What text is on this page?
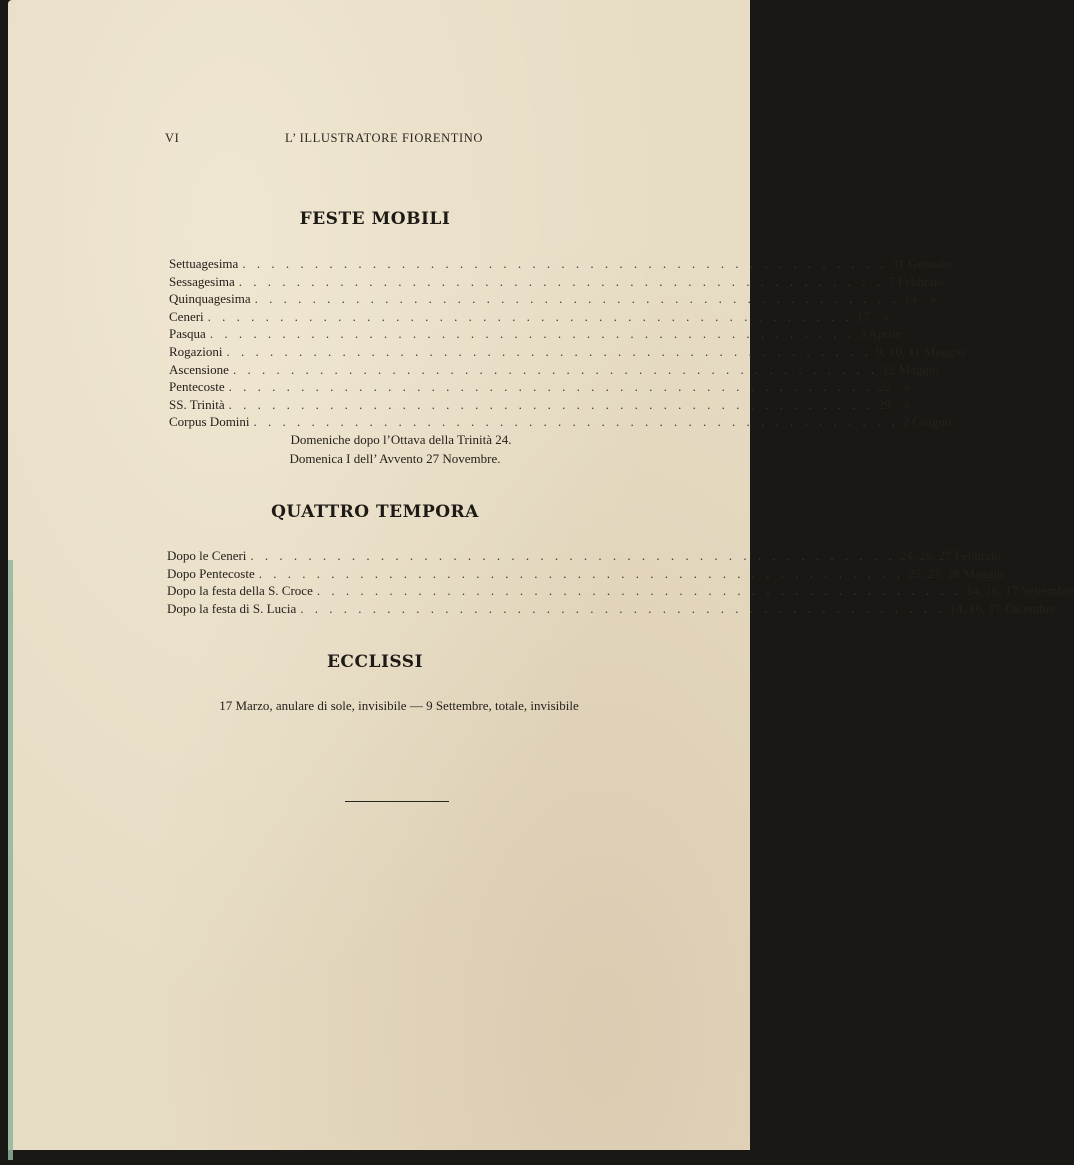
VI	L’ ILLUSTRATORE FIORENTINO
FESTE MOBILI
Settuagesima . . . . . . . . . . . . . . . . . . . . . . . . . . . . . . . . . . . . . . . . . . . . . 31 Gennaio
Sessagesima . . . . . . . . . . . . . . . . . . . . . . . . . . . . . . . . . . . . . . . . . . . . . 7 Febbraio
Quinquagesima . . . . . . . . . . . . . . . . . . . . . . . . . . . . . . . . . . . . . . . . . . . . . 14    »
Ceneri . . . . . . . . . . . . . . . . . . . . . . . . . . . . . . . . . . . . . . . . . . . . . 17    »
Pasqua . . . . . . . . . . . . . . . . . . . . . . . . . . . . . . . . . . . . . . . . . . . . . 3 Aprile
Rogazioni . . . . . . . . . . . . . . . . . . . . . . . . . . . . . . . . . . . . . . . . . . . . . 9, 10, 11 Maggio
Ascensione . . . . . . . . . . . . . . . . . . . . . . . . . . . . . . . . . . . . . . . . . . . . . 12 Maggio
Pentecoste . . . . . . . . . . . . . . . . . . . . . . . . . . . . . . . . . . . . . . . . . . . . . 22    »
SS. Trinità . . . . . . . . . . . . . . . . . . . . . . . . . . . . . . . . . . . . . . . . . . . . . 29    »
Corpus Domini . . . . . . . . . . . . . . . . . . . . . . . . . . . . . . . . . . . . . . . . . . . . . 2 Giugno
Domeniche dopo l’Ottava della Trinità 24.
Domenica I dell’ Avvento 27 Novembre.
QUATTRO TEMPORA
Dopo le Ceneri . . . . . . . . . . . . . . . . . . . . . . . . . . . . . . . . . . . . . . . . . . . . . 24, 26, 27 Febbraio
Dopo Pentecoste . . . . . . . . . . . . . . . . . . . . . . . . . . . . . . . . . . . . . . . . . . . . . 25, 27, 28 Maggio
Dopo la festa della S. Croce . . . . . . . . . . . . . . . . . . . . . . . . . . . . . . . . . . . . . . . . . . . . . 14, 16, 17 Settembre
Dopo la festa di S. Lucia . . . . . . . . . . . . . . . . . . . . . . . . . . . . . . . . . . . . . . . . . . . . . 14, 16, 17 Dicembre
ECCLISSI
17 Marzo, anulare di sole, invisibile — 9 Settembre, totale, invisibile
